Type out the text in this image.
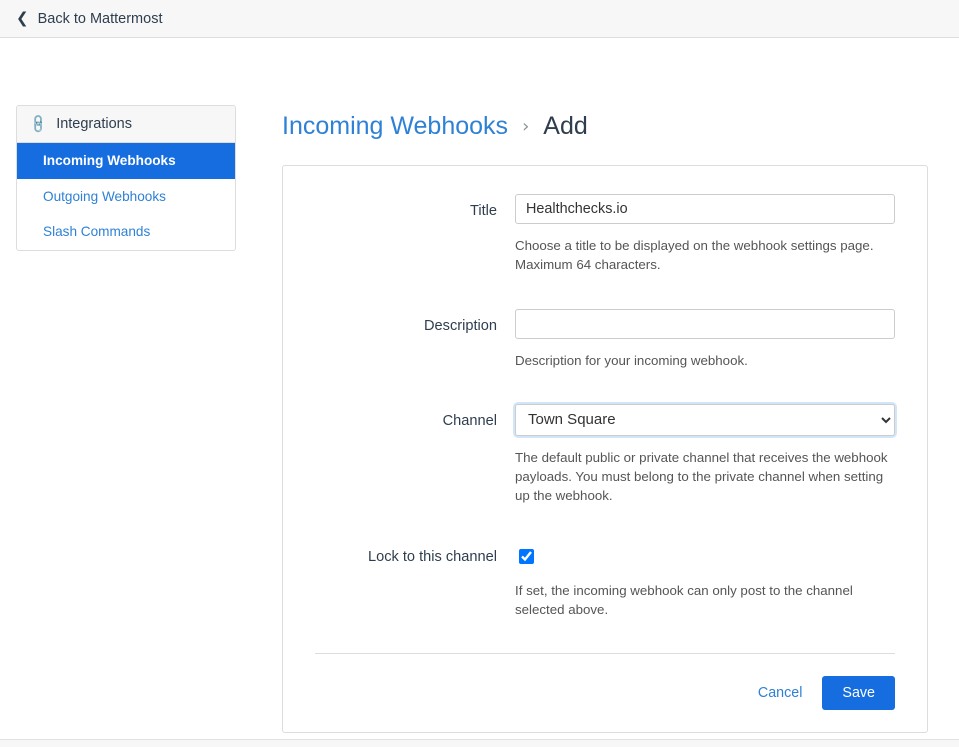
❮ Back to Mattermost
🔗 Integrations
Incoming Webhooks
Outgoing Webhooks
Slash Commands
Incoming Webhooks › Add
Title
Healthchecks.io
Choose a title to be displayed on the webhook settings page. Maximum 64 characters.
Description
Description for your incoming webhook.
Channel
Town Square
The default public or private channel that receives the webhook payloads. You must belong to the private channel when setting up the webhook.
Lock to this channel
If set, the incoming webhook can only post to the channel selected above.
Cancel	Save
